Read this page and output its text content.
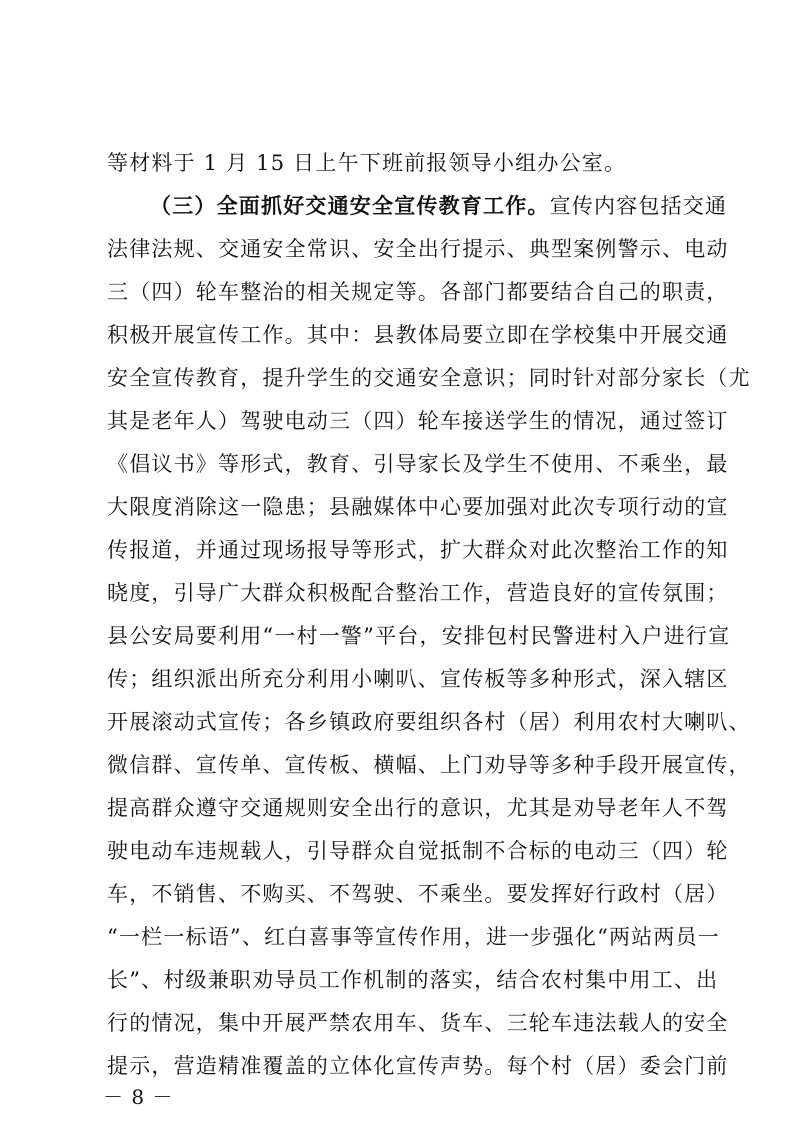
等材料于 1 月 15 日上午下班前报领导小组办公室。
（三）全面抓好交通安全宣传教育工作。宣传内容包括交通
法律法规、交通安全常识、安全出行提示、典型案例警示、电动
三（四）轮车整治的相关规定等。各部门都要结合自己的职责，
积极开展宣传工作。其中：县教体局要立即在学校集中开展交通
安全宣传教育，提升学生的交通安全意识；同时针对部分家长（尤
其是老年人）驾驶电动三（四）轮车接送学生的情况，通过签订
《倡议书》等形式，教育、引导家长及学生不使用、不乘坐，最
大限度消除这一隐患；县融媒体中心要加强对此次专项行动的宣
传报道，并通过现场报导等形式，扩大群众对此次整治工作的知
晓度，引导广大群众积极配合整治工作，营造良好的宣传氛围；
县公安局要利用“一村一警”平台，安排包村民警进村入户进行宣
传；组织派出所充分利用小喇叭、宣传板等多种形式，深入辖区
开展滚动式宣传；各乡镇政府要组织各村（居）利用农村大喇叭、
微信群、宣传单、宣传板、横幅、上门劝导等多种手段开展宣传，
提高群众遵守交通规则安全出行的意识，尤其是劝导老年人不驾
驶电动车违规载人，引导群众自觉抵制不合标的电动三（四）轮
车，不销售、不购买、不驾驶、不乘坐。要发挥好行政村（居）
“一栏一标语”、红白喜事等宣传作用，进一步强化“两站两员一
长”、村级兼职劝导员工作机制的落实，结合农村集中用工、出
行的情况，集中开展严禁农用车、货车、三轮车违法载人的安全
提示，营造精准覆盖的立体化宣传声势。每个村（居）委会门前
－ 8 －
